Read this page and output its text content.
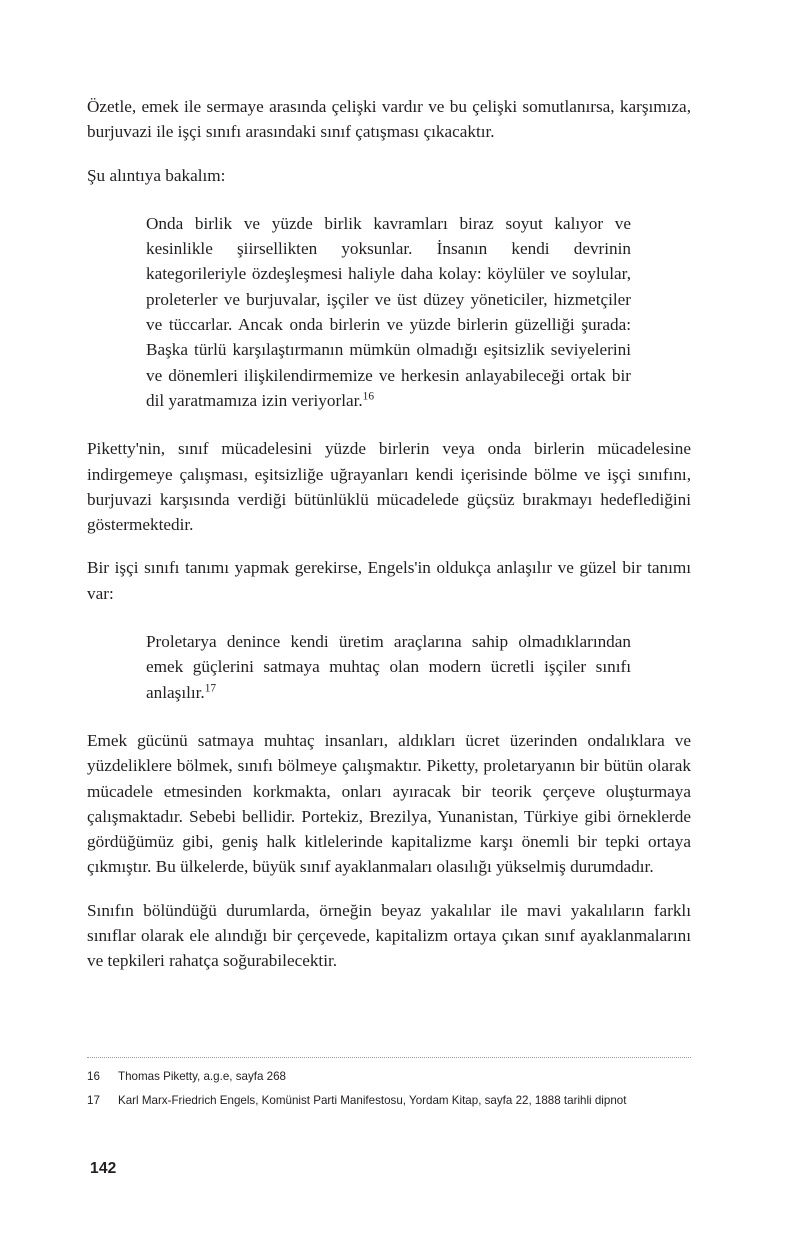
Özetle, emek ile sermaye arasında çelişki vardır ve bu çelişki somutlanırsa, karşımıza, burjuvazi ile işçi sınıfı arasındaki sınıf çatışması çıkacaktır.

Şu alıntıya bakalım:

Onda birlik ve yüzde birlik kavramları biraz soyut kalıyor ve kesinlikle şiirsellikten yoksunlar. İnsanın kendi devrinin kategorileriyle özdeşleşmesi haliyle daha kolay: köylüler ve soylular, proleterler ve burjuvalar, işçiler ve üst düzey yöneticiler, hizmetçiler ve tüccarlar. Ancak onda birlerin ve yüzde birlerin güzelliği şurada: Başka türlü karşılaştırmanın mümkün olmadığı eşitsizlik seviyelerini ve dönemleri ilişkilendirmemize ve herkesin anlayabileceği ortak bir dil yaratmamıza izin veriyorlar.$^{16}$

Piketty'nin, sınıf mücadelesini yüzde birlerin veya onda birlerin mücadelesine indirgemeye çalışması, eşitsizliğe uğrayanları kendi içerisinde bölme ve işçi sınıfını, burjuvazi karşısında verdiği bütünlüklü mücadelede güçsüz bırakmayı hedeflediğini göstermektedir.

Bir işçi sınıfı tanımı yapmak gerekirse, Engels'in oldukça anlaşılır ve güzel bir tanımı var:

Proletarya denince kendi üretim araçlarına sahip olmadıklarından emek güçlerini satmaya muhtaç olan modern ücretli işçiler sınıfı anlaşılır.$^{17}$

Emek gücünü satmaya muhtaç insanları, aldıkları ücret üzerinden ondalıklara ve yüzdeliklere bölmek, sınıfı bölmeye çalışmaktır. Piketty, proletaryanın bir bütün olarak mücadele etmesinden korkmakta, onları ayıracak bir teorik çerçeve oluşturmaya çalışmaktadır. Sebebi bellidir. Portekiz, Brezilya, Yunanistan, Türkiye gibi örneklerde gördüğümüz gibi, geniş halk kitlelerinde kapitalizme karşı önemli bir tepki ortaya çıkmıştır. Bu ülkelerde, büyük sınıf ayaklanmaları olasılığı yükselmiş durumdadır.

Sınıfın bölündüğü durumlarda, örneğin beyaz yakalılar ile mavi yakalıların farklı sınıflar olarak ele alındığı bir çerçevede, kapitalizm ortaya çıkan sınıf ayaklanmalarını ve tepkileri rahatça soğurabilecektir.

16 Thomas Piketty, a.g.e, sayfa 268
17 Karl Marx-Friedrich Engels, Komünist Parti Manifestosu, Yordam Kitap, sayfa 22, 1888 tarihli dipnot
142
